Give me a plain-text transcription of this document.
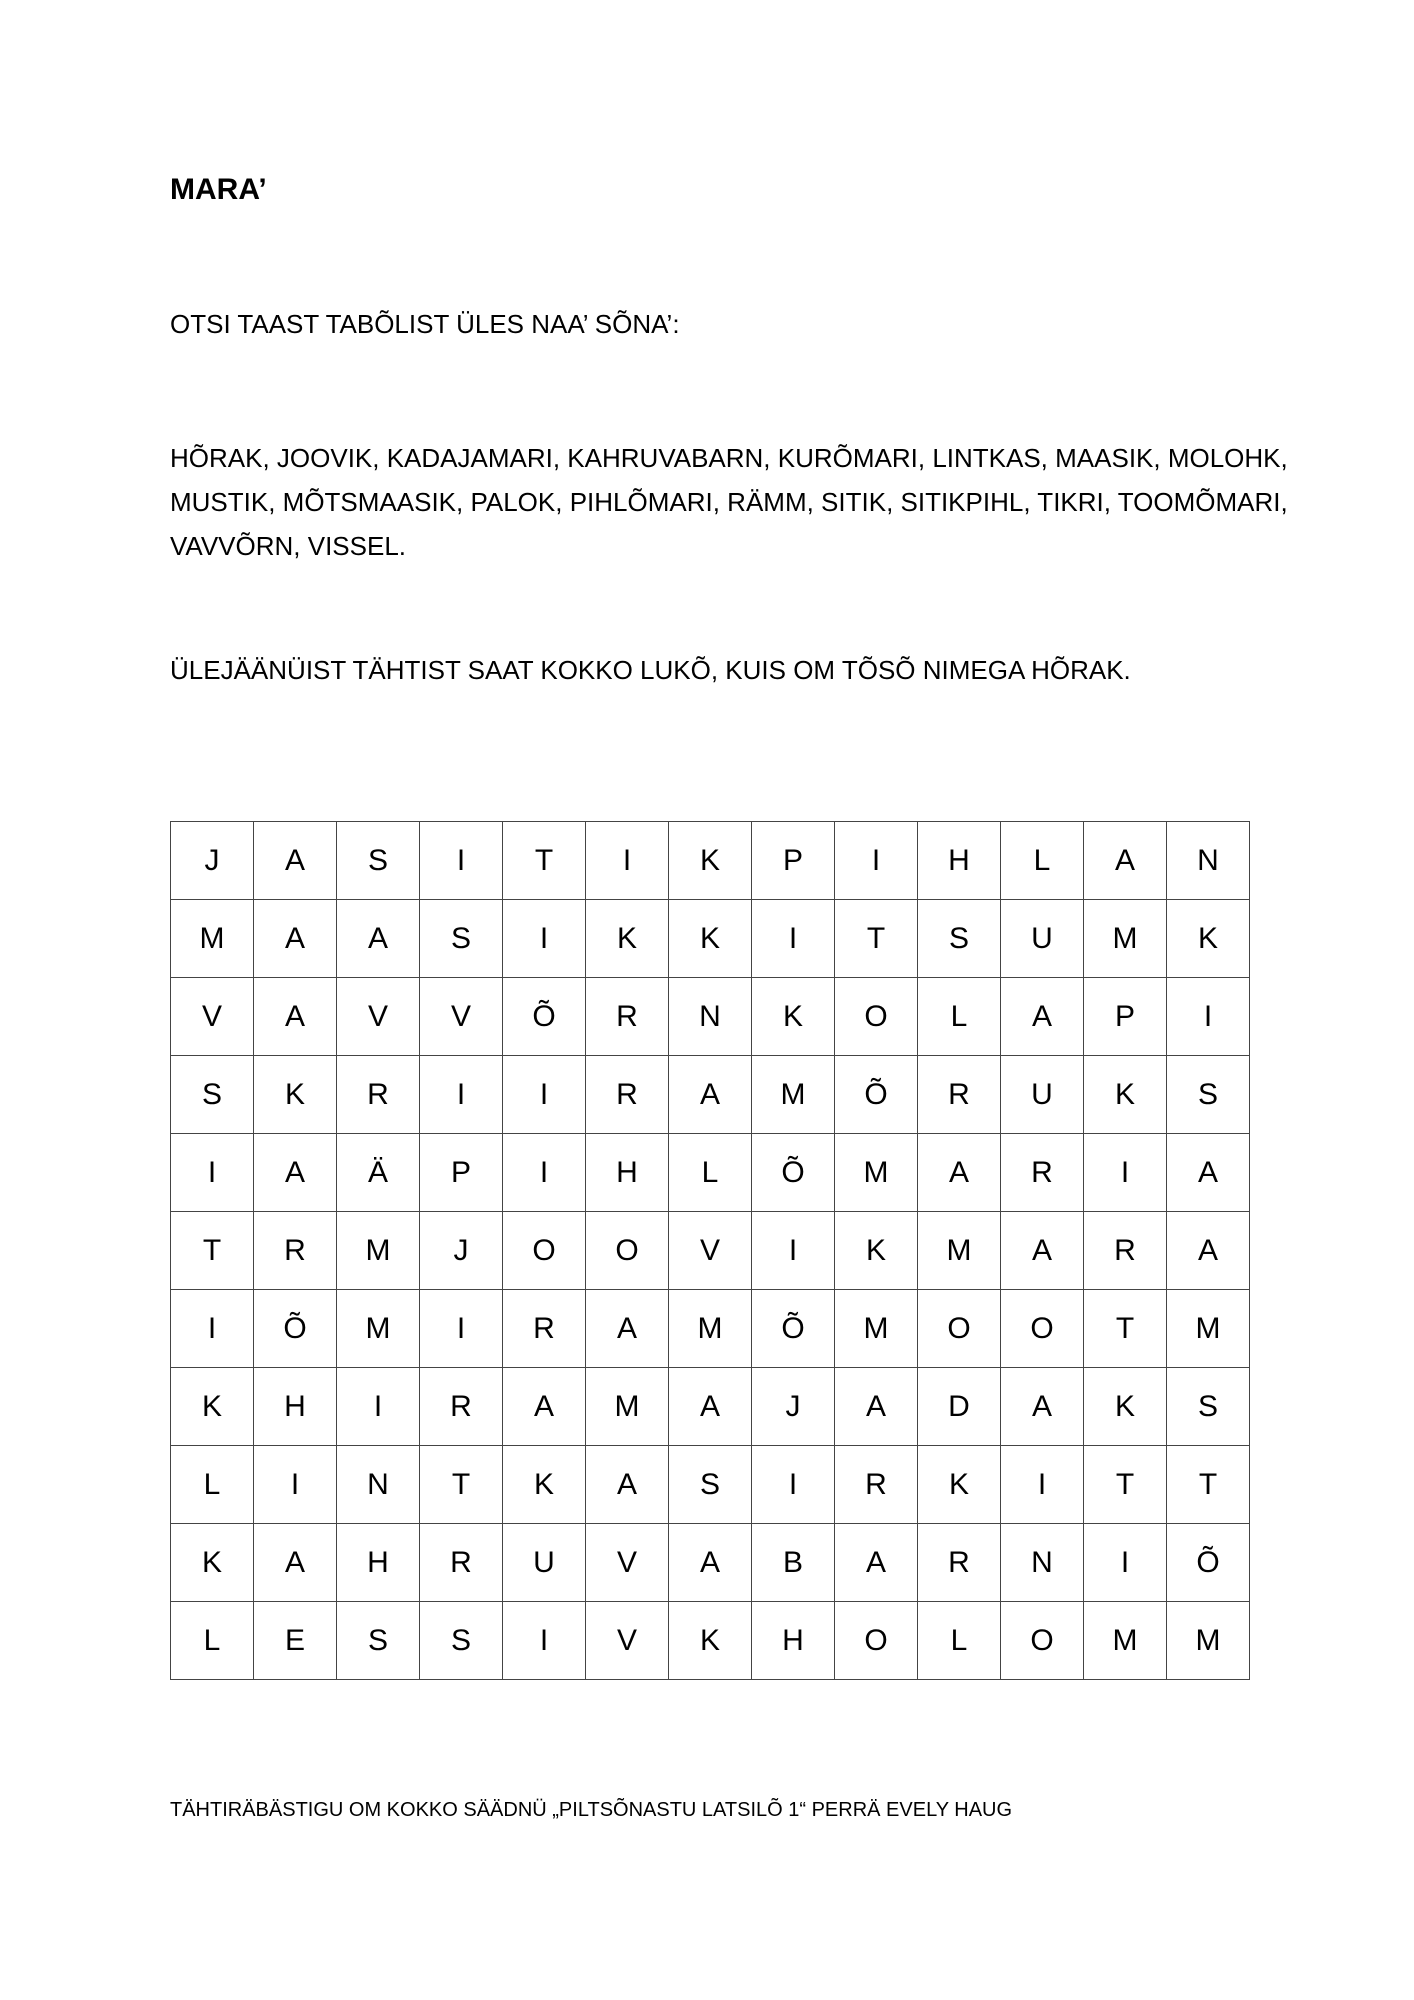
MARA’

OTSI TAAST TABÕLIST ÜLES NAA’ SÕNA’:

HÕRAK, JOOVIK, KADAJAMARI, KAHRUVABARN, KURÕMARI, LINTKAS, MAASIK, MOLOHK, MUSTIK, MÕTSMAASIK, PALOK, PIHLÕMARI, RÄMM, SITIK, SITIKPIHL, TIKRI, TOOMÕMARI, VAVVÕRN, VISSEL.

ÜLEJÄÄNÜIST TÄHTIST SAAT KOKKO LUKÕ, KUIS OM TÕSÕ NIMEGA HÕRAK.

J	A	S	I	T	I	K	P	I	H	L	A	N
M	A	A	S	I	K	K	I	T	S	U	M	K
V	A	V	V	Õ	R	N	K	O	L	A	P	I
S	K	R	I	I	R	A	M	Õ	R	U	K	S
I	A	Ä	P	I	H	L	Õ	M	A	R	I	A
T	R	M	J	O	O	V	I	K	M	A	R	A
I	Õ	M	I	R	A	M	Õ	M	O	O	T	M
K	H	I	R	A	M	A	J	A	D	A	K	S
L	I	N	T	K	A	S	I	R	K	I	T	T
K	A	H	R	U	V	A	B	A	R	N	I	Õ
L	E	S	S	I	V	K	H	O	L	O	M	M

TÄHTIRÄBÄSTIGU OM KOKKO SÄÄDNÜ „PILTSÕNASTU LATSILÕ 1“ PERRÄ EVELY HAUG
